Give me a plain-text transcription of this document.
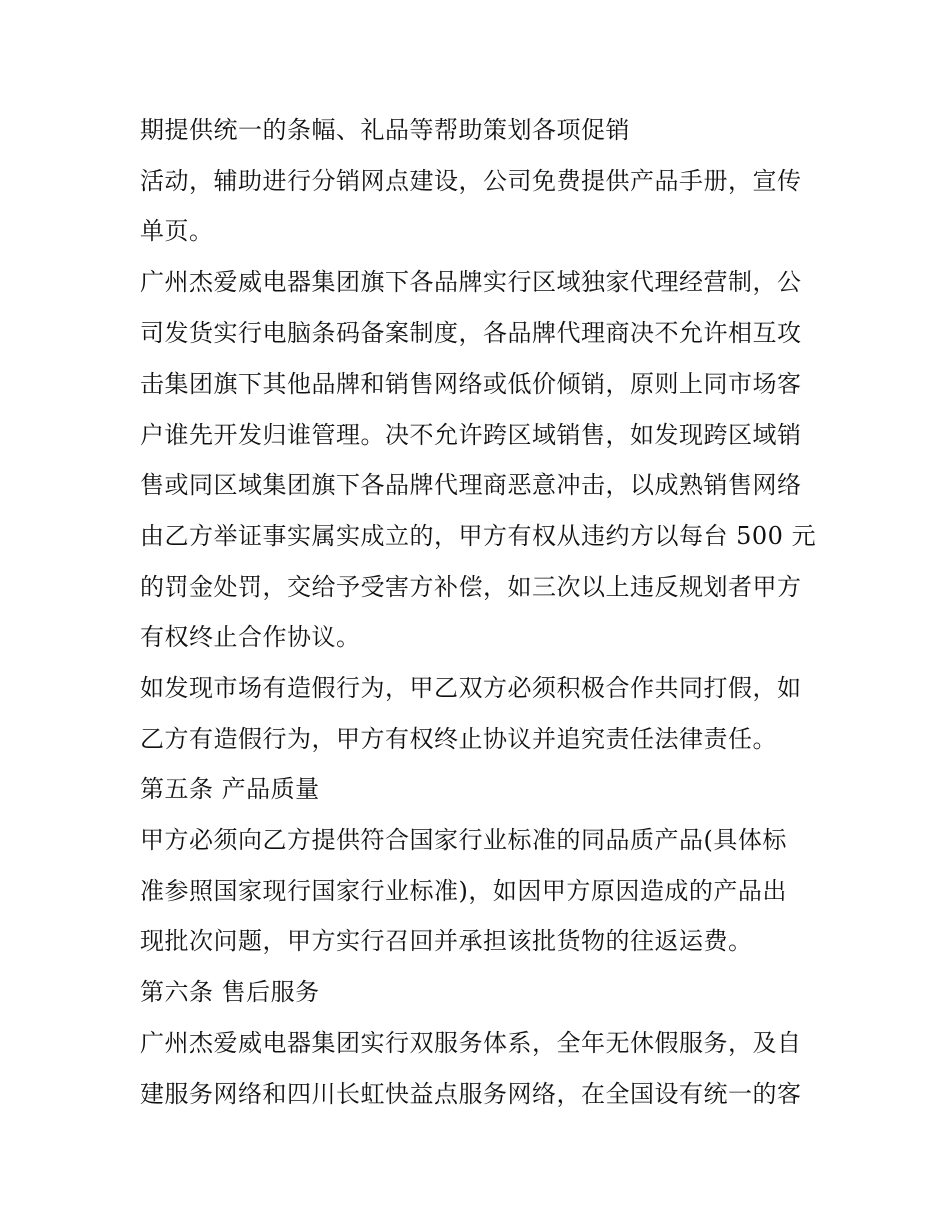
期提供统一的条幅、礼品等帮助策划各项促销
活动，辅助进行分销网点建设，公司免费提供产品手册，宣传
单页。
广州杰爱威电器集团旗下各品牌实行区域独家代理经营制，公
司发货实行电脑条码备案制度，各品牌代理商决不允许相互攻
击集团旗下其他品牌和销售网络或低价倾销，原则上同市场客
户谁先开发归谁管理。决不允许跨区域销售，如发现跨区域销
售或同区域集团旗下各品牌代理商恶意冲击，以成熟销售网络
由乙方举证事实属实成立的，甲方有权从违约方以每台 500 元
的罚金处罚，交给予受害方补偿，如三次以上违反规划者甲方
有权终止合作协议。
如发现市场有造假行为，甲乙双方必须积极合作共同打假，如
乙方有造假行为，甲方有权终止协议并追究责任法律责任。
第五条 产品质量
甲方必须向乙方提供符合国家行业标准的同品质产品(具体标
准参照国家现行国家行业标准)，如因甲方原因造成的产品出
现批次问题，甲方实行召回并承担该批货物的往返运费。
第六条 售后服务
广州杰爱威电器集团实行双服务体系，全年无休假服务，及自
建服务网络和四川长虹快益点服务网络，在全国设有统一的客
